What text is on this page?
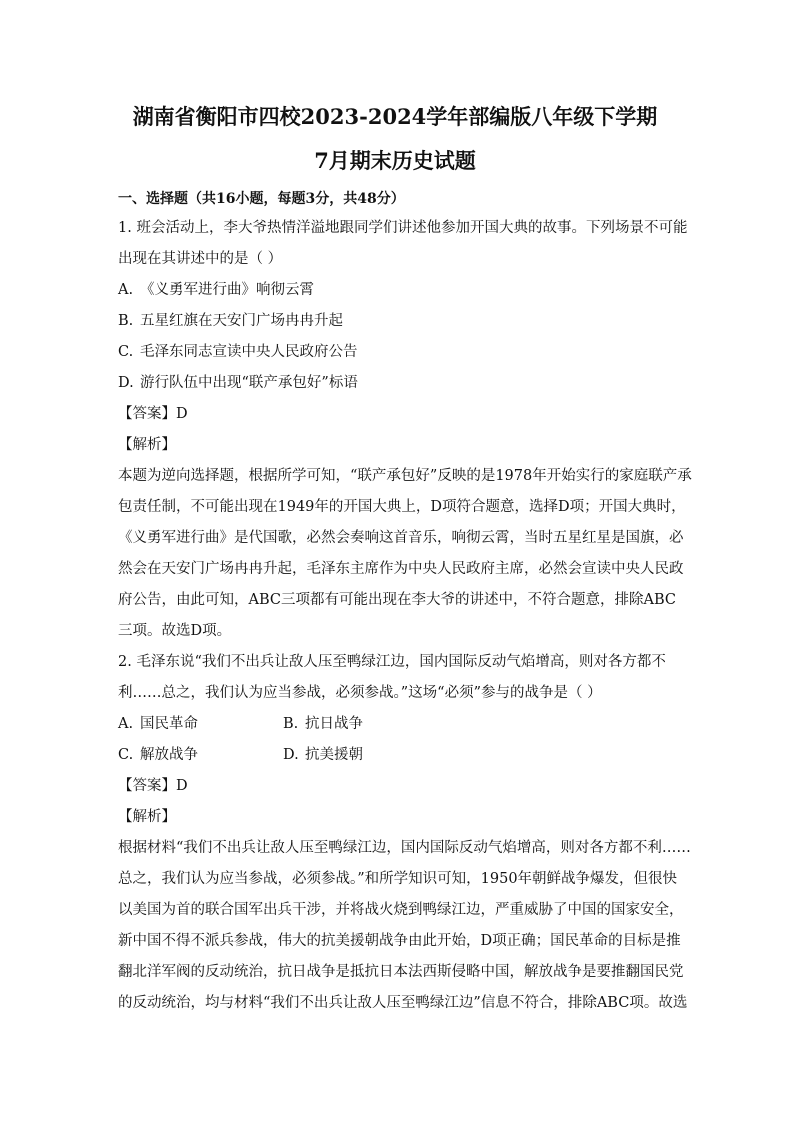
湖南省衡阳市四校2023-2024学年部编版八年级下学期
7月期末历史试题

一、选择题（共16小题，每题3分，共48分）

1. 班会活动上，李大爷热情洋溢地跟同学们讲述他参加开国大典的故事。下列场景不可能

出现在其讲述中的是（ ）

A. 《义勇军进行曲》响彻云霄

B. 五星红旗在天安门广场冉冉升起

C. 毛泽东同志宣读中央人民政府公告

D. 游行队伍中出现“联产承包好”标语

【答案】D

【解析】

本题为逆向选择题，根据所学可知，“联产承包好”反映的是1978年开始实行的家庭联产承

包责任制，不可能出现在1949年的开国大典上，D项符合题意，选择D项；开国大典时，

《义勇军进行曲》是代国歌，必然会奏响这首音乐，响彻云霄，当时五星红星是国旗，必

然会在天安门广场冉冉升起，毛泽东主席作为中央人民政府主席，必然会宣读中央人民政

府公告，由此可知，ABC三项都有可能出现在李大爷的讲述中，不符合题意，排除ABC

三项。故选D项。

2. 毛泽东说“我们不出兵让敌人压至鸭绿江边，国内国际反动气焰增高，则对各方都不

利……总之，我们认为应当参战，必须参战。”这场“必须”参与的战争是（ ）

A. 国民革命	B. 抗日战争
C. 解放战争	D. 抗美援朝

【答案】D

【解析】

根据材料“我们不出兵让敌人压至鸭绿江边，国内国际反动气焰增高，则对各方都不利……

总之，我们认为应当参战，必须参战。”和所学知识可知，1950年朝鲜战争爆发，但很快

以美国为首的联合国军出兵干涉，并将战火烧到鸭绿江边，严重威胁了中国的国家安全，

新中国不得不派兵参战，伟大的抗美援朝战争由此开始，D项正确；国民革命的目标是推

翻北洋军阀的反动统治，抗日战争是抵抗日本法西斯侵略中国，解放战争是要推翻国民党

的反动统治，均与材料“我们不出兵让敌人压至鸭绿江边”信息不符合，排除ABC项。故选
